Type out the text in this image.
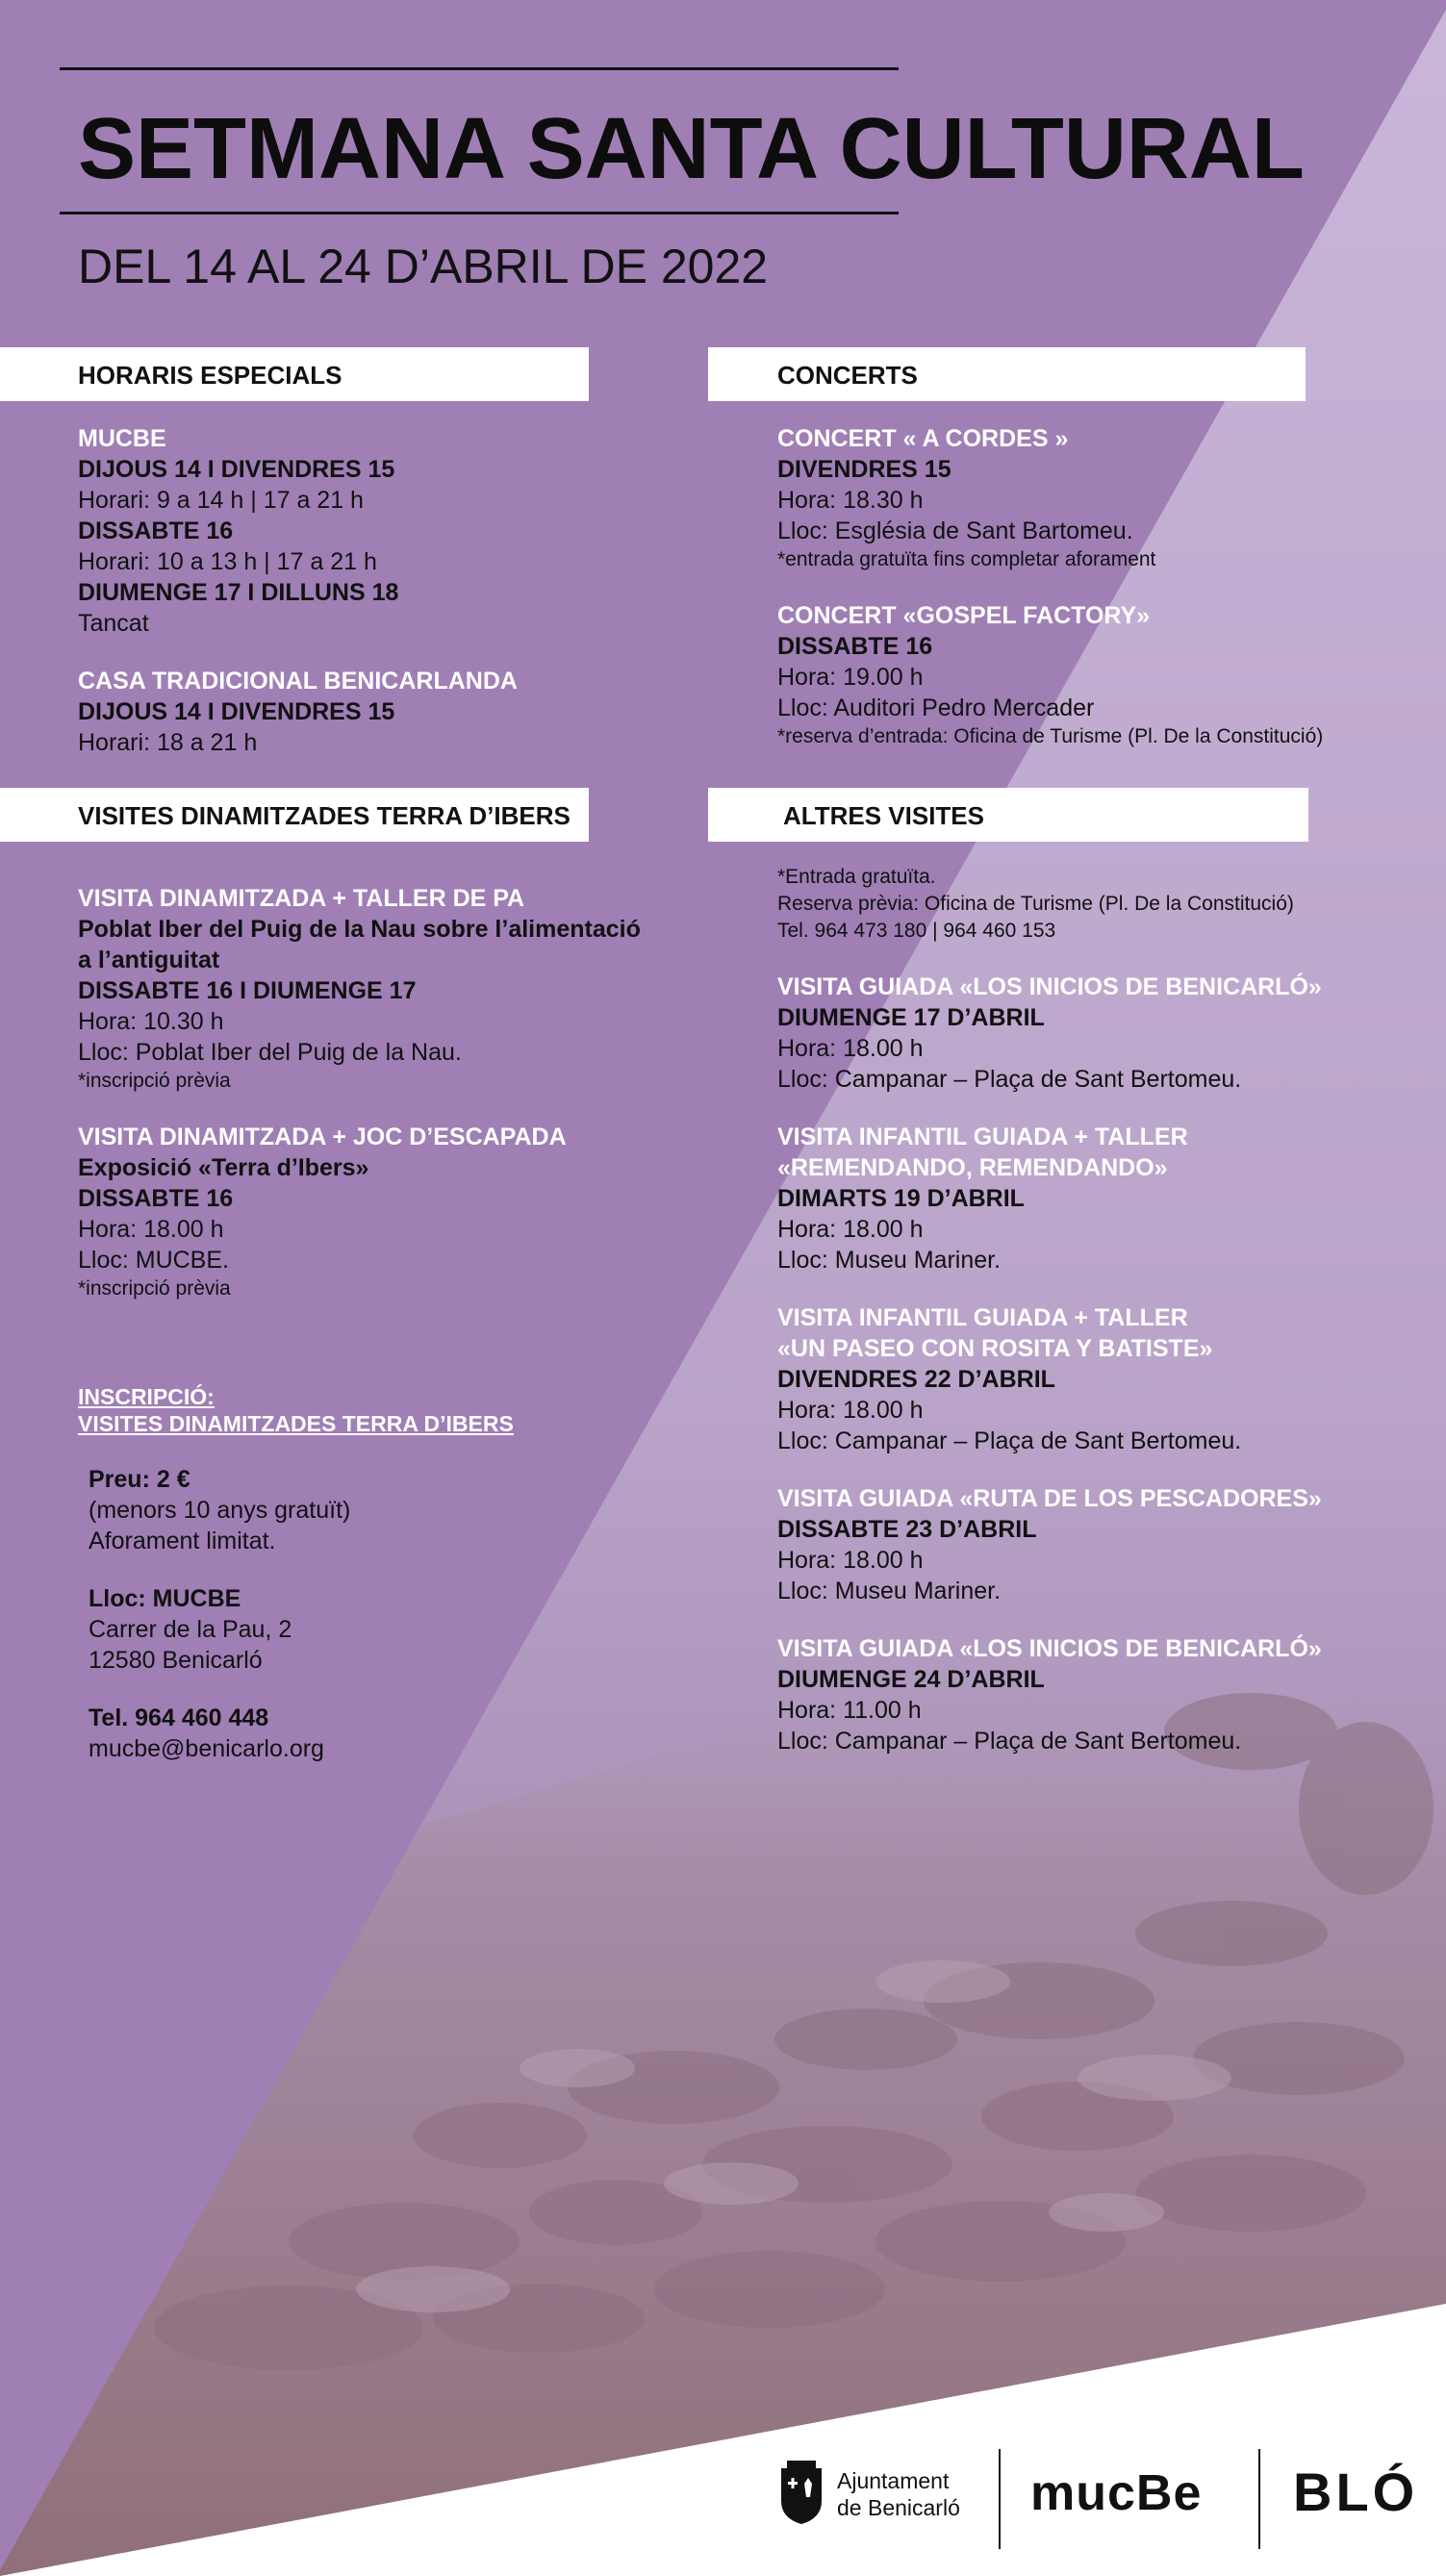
SETMANA SANTA CULTURAL
DEL 14 AL 24 D’ABRIL DE 2022
HORARIS ESPECIALS	CONCERTS
VISITES DINAMITZADES TERRA D’IBERS	ALTRES VISITES
MUCBE
DIJOUS 14 I DIVENDRES 15
Horari: 9 a 14 h | 17 a 21 h
DISSABTE 16
Horari: 10 a 13 h | 17 a 21 h
DIUMENGE 17 I DILLUNS 18
Tancat
CASA TRADICIONAL BENICARLANDA
DIJOUS 14 I DIVENDRES 15
Horari: 18 a 21 h
CONCERT « A CORDES »
DIVENDRES 15
Hora: 18.30 h
Lloc: Església de Sant Bartomeu.
*entrada gratuïta fins completar aforament
CONCERT «GOSPEL FACTORY»
DISSABTE 16
Hora: 19.00 h
Lloc: Auditori Pedro Mercader
*reserva d’entrada: Oficina de Turisme (Pl. De la Constitució)
VISITA DINAMITZADA + TALLER DE PA
Poblat Iber del Puig de la Nau sobre l’alimentació
a l’antiguitat
DISSABTE 16 I DIUMENGE 17
Hora: 10.30 h
Lloc: Poblat Iber del Puig de la Nau.
*inscripció prèvia
VISITA DINAMITZADA + JOC D’ESCAPADA
Exposició «Terra d’Ibers»
DISSABTE 16
Hora: 18.00 h
Lloc: MUCBE.
*inscripció prèvia
*Entrada gratuïta.
Reserva prèvia: Oficina de Turisme (Pl. De la Constitució)
Tel. 964 473 180 | 964 460 153
VISITA GUIADA «LOS INICIOS DE BENICARLÓ»
DIUMENGE 17 D’ABRIL
Hora: 18.00 h
Lloc: Campanar – Plaça de Sant Bertomeu.
VISITA INFANTIL GUIADA + TALLER
«REMENDANDO, REMENDANDO»
DIMARTS 19 D’ABRIL
Hora: 18.00 h
Lloc: Museu Mariner.
VISITA INFANTIL GUIADA + TALLER
«UN PASEO CON ROSITA Y BATISTE»
DIVENDRES 22 D’ABRIL
Hora: 18.00 h
Lloc: Campanar – Plaça de Sant Bertomeu.
VISITA GUIADA «RUTA DE LOS PESCADORES»
DISSABTE 23 D’ABRIL
Hora: 18.00 h
Lloc: Museu Mariner.
VISITA GUIADA «LOS INICIOS DE BENICARLÓ»
DIUMENGE 24 D’ABRIL
Hora: 11.00 h
Lloc: Campanar – Plaça de Sant Bertomeu.
INSCRIPCIÓ:
VISITES DINAMITZADES TERRA D’IBERS
Preu: 2 €
(menors 10 anys gratuït)
Aforament limitat.
Lloc: MUCBE
Carrer de la Pau, 2
12580 Benicarló
Tel. 964 460 448
mucbe@benicarlo.org
Ajuntament
de Benicarló mucBe BLÓ
